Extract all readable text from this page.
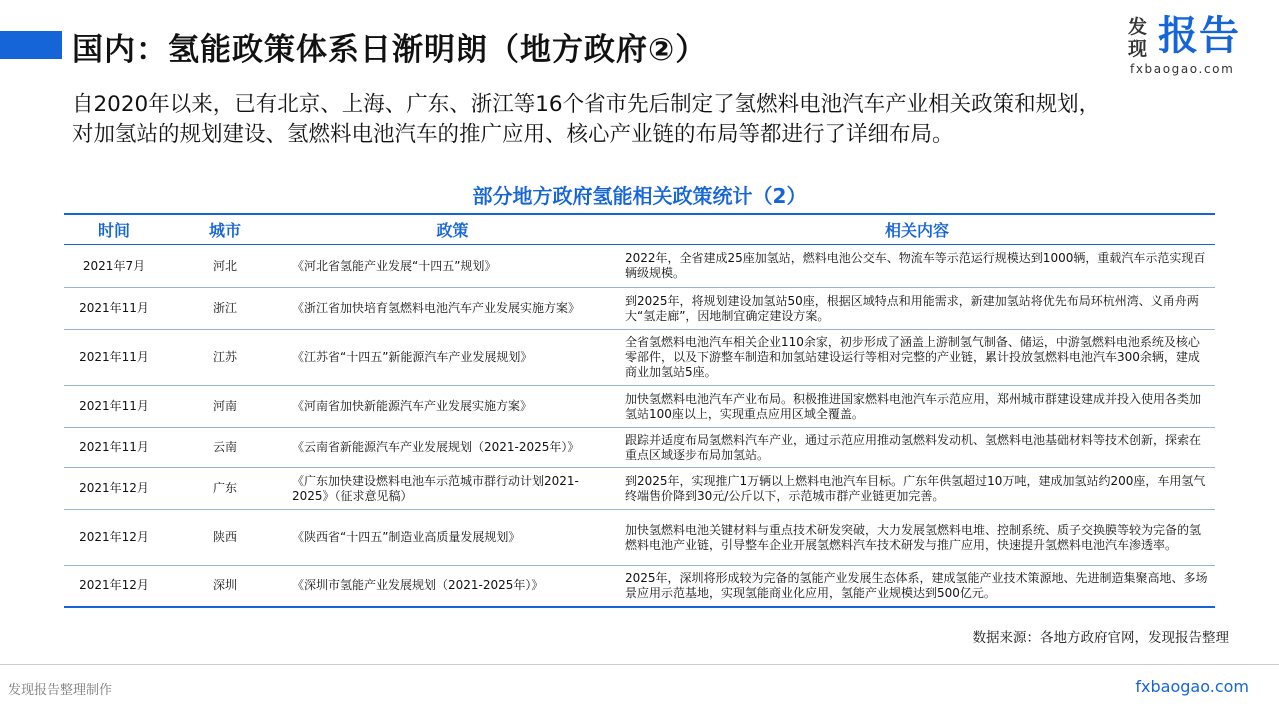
国内：氢能政策体系日渐明朗（地方政府②）
发现 报告
fxbaogao.com
自2020年以来，已有北京、上海、广东、浙江等16个省市先后制定了氢燃料电池汽车产业相关政策和规划，
对加氢站的规划建设、氢燃料电池汽车的推广应用、核心产业链的布局等都进行了详细布局。
部分地方政府氢能相关政策统计（2）
时间	城市	政策	相关内容
2021年7月	河北	《河北省氢能产业发展“十四五”规划》	2022年，全省建成25座加氢站，燃料电池公交车、物流车等示范运行规模达到1000辆，重载汽车示范实现百辆级规模。
2021年11月	浙江	《浙江省加快培育氢燃料电池汽车产业发展实施方案》	到2025年，将规划建设加氢站50座，根据区域特点和用能需求，新建加氢站将优先布局环杭州湾、义甬舟两大“氢走廊”，因地制宜确定建设方案。
2021年11月	江苏	《江苏省“十四五”新能源汽车产业发展规划》	全省氢燃料电池汽车相关企业110余家，初步形成了涵盖上游制氢气制备、储运，中游氢燃料电池系统及核心零部件，以及下游整车制造和加氢站建设运行等相对完整的产业链，累计投放氢燃料电池汽车300余辆，建成商业加氢站5座。
2021年11月	河南	《河南省加快新能源汽车产业发展实施方案》	加快氢燃料电池汽车产业布局。积极推进国家燃料电池汽车示范应用，郑州城市群建设建成并投入使用各类加氢站100座以上，实现重点应用区域全覆盖。
2021年11月	云南	《云南省新能源汽车产业发展规划（2021-2025年）》	跟踪并适度布局氢燃料汽车产业，通过示范应用推动氢燃料发动机、氢燃料电池基础材料等技术创新，探索在重点区域逐步布局加氢站。
2021年12月	广东	《广东加快建设燃料电池车示范城市群行动计划2021-2025》（征求意见稿）	到2025年，实现推广1万辆以上燃料电池汽车目标。广东年供氢超过10万吨，建成加氢站约200座，车用氢气终端售价降到30元/公斤以下，示范城市群产业链更加完善。
2021年12月	陕西	《陕西省“十四五”制造业高质量发展规划》	加快氢燃料电池关键材料与重点技术研发突破，大力发展氢燃料电堆、控制系统、质子交换膜等较为完备的氢燃料电池产业链，引导整车企业开展氢燃料汽车技术研发与推广应用，快速提升氢燃料电池汽车渗透率。
2021年12月	深圳	《深圳市氢能产业发展规划（2021-2025年）》	2025年，深圳将形成较为完备的氢能产业发展生态体系，建成氢能产业技术策源地、先进制造集聚高地、多场景应用示范基地，实现氢能商业化应用，氢能产业规模达到500亿元。
数据来源：各地方政府官网，发现报告整理
发现报告整理制作	fxbaogao.com
